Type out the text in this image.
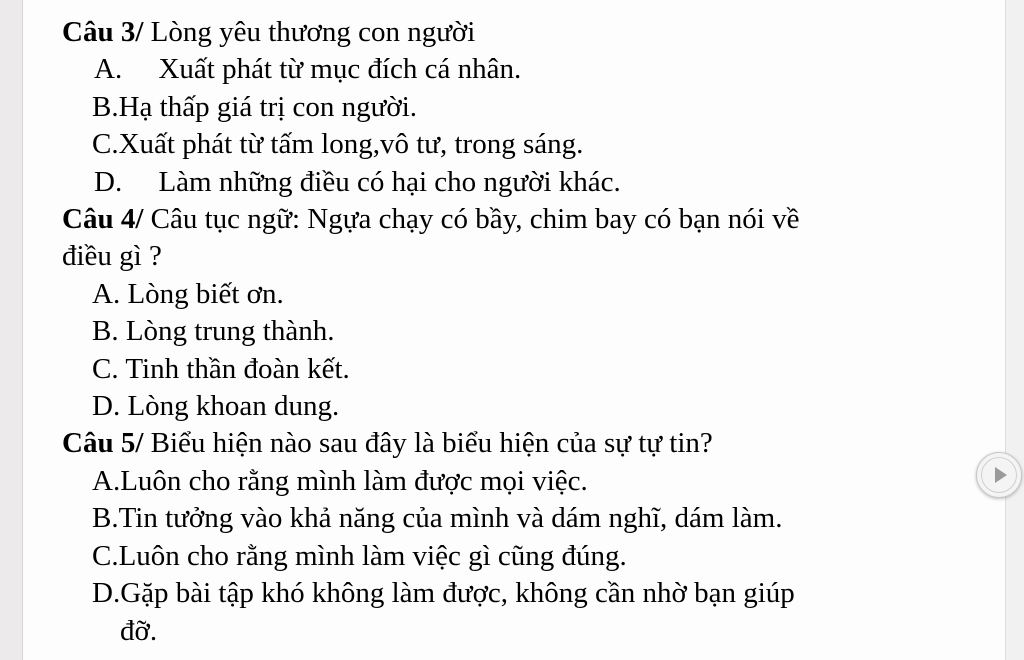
Câu 3/ Lòng yêu thương con người
A.   Xuất phát từ mục đích cá nhân.
B.Hạ thấp giá trị con người.
C.Xuất phát từ tấm long,vô tư, trong sáng.
D.   Làm những điều có hại cho người khác.
Câu 4/ Câu tục ngữ: Ngựa chạy có bầy, chim bay có bạn nói về
điều gì ?
A. Lòng biết ơn.
B. Lòng trung thành.
C. Tinh thần đoàn kết.
D. Lòng khoan dung.
Câu 5/ Biểu hiện nào sau đây là biểu hiện của sự tự tin?
A.Luôn cho rằng mình làm được mọi việc.
B.Tin tưởng vào khả năng của mình và dám nghĩ, dám làm.
C.Luôn cho rằng mình làm việc gì cũng đúng.
D.Gặp bài tập khó không làm được, không cần nhờ bạn giúp
đỡ.
